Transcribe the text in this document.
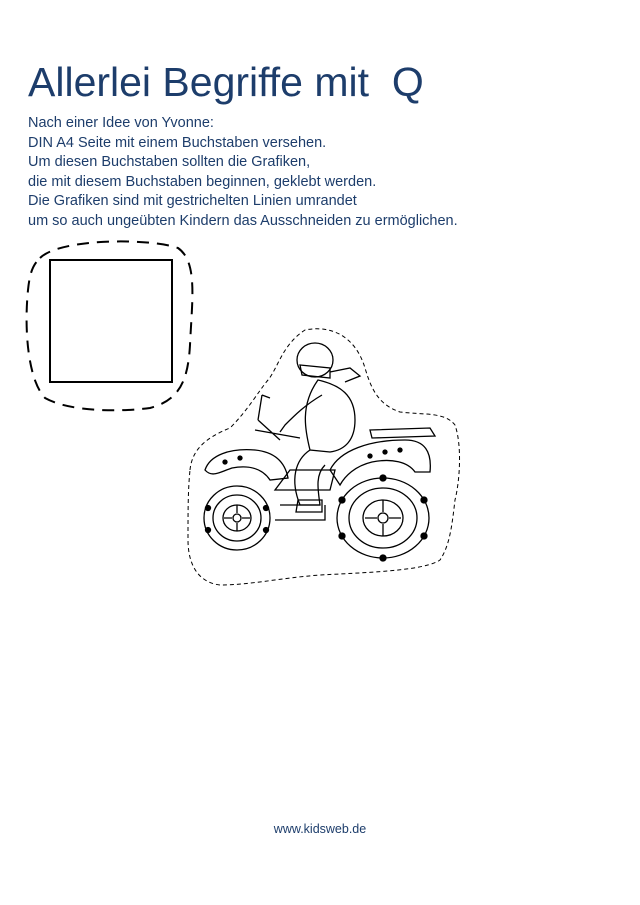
Allerlei Begriffe mit  Q
Nach einer Idee von Yvonne:
DIN A4 Seite mit einem Buchstaben versehen.
Um diesen Buchstaben sollten die Grafiken,
die mit diesem Buchstaben beginnen, geklebt werden.
Die Grafiken sind mit gestrichelten Linien umrandet
um so auch ungeübten Kindern das Ausschneiden zu ermöglichen.
www.kidsweb.de
